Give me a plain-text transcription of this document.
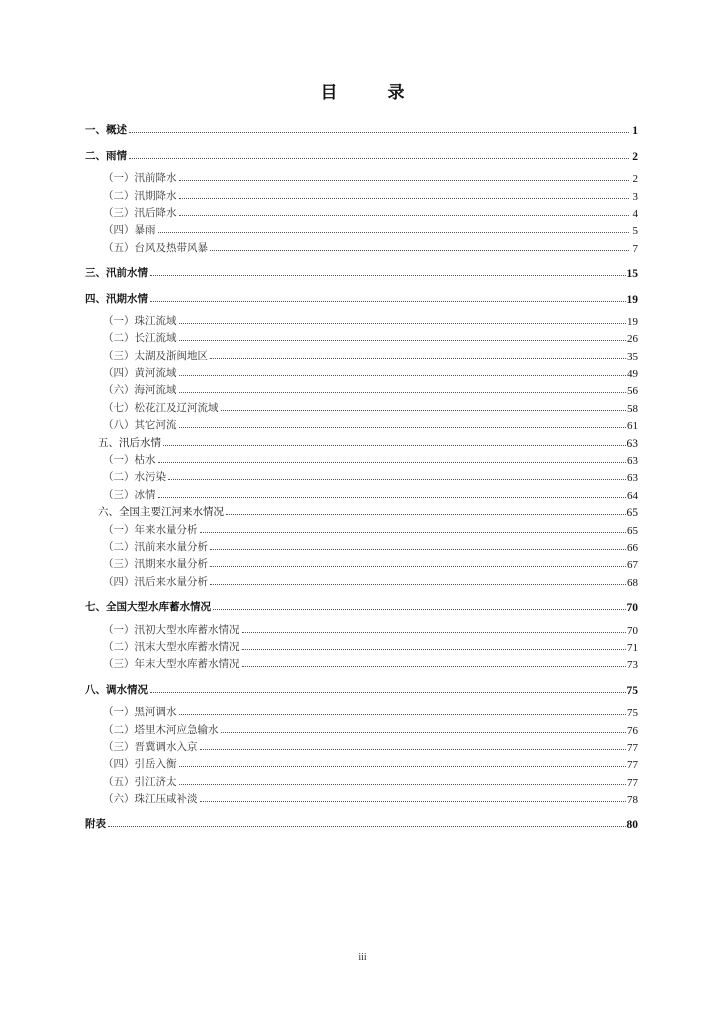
目 录
一、概述	1
二、雨情	2
（一）汛前降水	2
（二）汛期降水	3
（三）汛后降水	4
（四）暴雨	5
（五）台风及热带风暴	7
三、汛前水情	15
四、汛期水情	19
（一）珠江流域	19
（二）长江流域	26
（三）太湖及浙闽地区	35
（四）黄河流域	49
（六）海河流域	56
（七）松花江及辽河流域	58
（八）其它河流	61
五、汛后水情	63
（一）枯水	63
（二）水污染	63
（三）冰情	64
六、全国主要江河来水情况	65
（一）年来水量分析	65
（二）汛前来水量分析	66
（三）汛期来水量分析	67
（四）汛后来水量分析	68
七、全国大型水库蓄水情况	70
（一）汛初大型水库蓄水情况	70
（二）汛末大型水库蓄水情况	71
（三）年末大型水库蓄水情况	73
八、调水情况	75
（一）黑河调水	75
（二）塔里木河应急输水	76
（三）晋冀调水入京	77
（四）引岳入衡	77
（五）引江济太	77
（六）珠江压咸补淡	78
附表	80
iii
